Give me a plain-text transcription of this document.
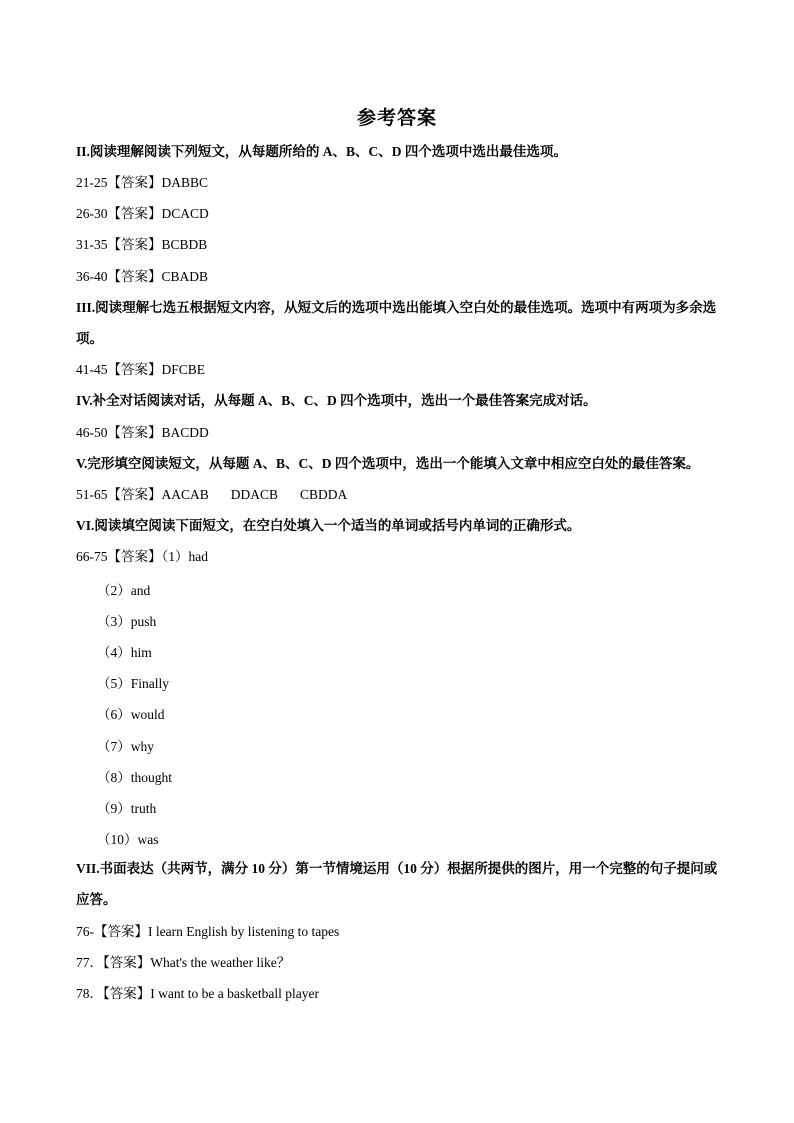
参考答案
II.阅读理解阅读下列短文，从每题所给的 A、B、C、D 四个选项中选出最佳选项。
21-25【答案】DABBC
26-30【答案】DCACD
31-35【答案】BCBDB
36-40【答案】CBADB
III.阅读理解七选五根据短文内容，从短文后的选项中选出能填入空白处的最佳选项。选项中有两项为多余选项。
41-45【答案】DFCBE
IV.补全对话阅读对话，从每题 A、B、C、D 四个选项中，选出一个最佳答案完成对话。
46-50【答案】BACDD
V.完形填空阅读短文，从每题 A、B、C、D 四个选项中，选出一个能填入文章中相应空白处的最佳答案。
51-65【答案】AACAB DDACB CBDDA
VI.阅读填空阅读下面短文，在空白处填入一个适当的单词或括号内单词的正确形式。
66-75【答案】（1）had
（2）and
（3）push
（4）him
（5）Finally
（6）would
（7）why
（8）thought
（9）truth
（10）was
VII.书面表达（共两节，满分 10 分）第一节情境运用（10 分）根据所提供的图片，用一个完整的句子提问或应答。
76-【答案】I learn English by listening to tapes
77．【答案】What's the weather like？
78．【答案】I want to be a basketball player
